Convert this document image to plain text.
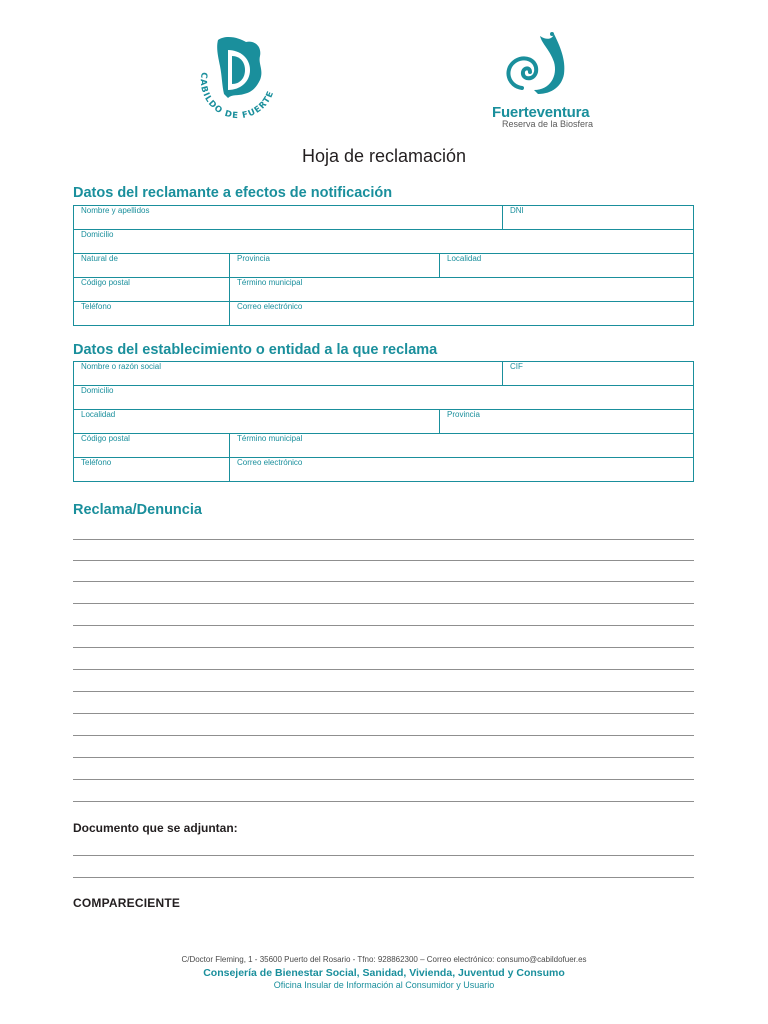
CABILDO DE FUERTE
Fuerteventura
Reserva de la Biosfera
Hoja de reclamación
Datos del reclamante a efectos de notificación
Nombre y apellidos	DNI
Domicilio
Natural de	Provincia	Localidad
Código postal	Término municipal
Teléfono	Correo electrónico
Datos del establecimiento o entidad a la que reclama
Nombre o razón social	CIF
Domicilio
Localidad	Provincia
Código postal	Término municipal
Teléfono	Correo electrónico
Reclama/Denuncia
Documento que se adjuntan:
COMPARECIENTE
C/Doctor Fleming, 1 - 35600 Puerto del Rosario - Tfno: 928862300 – Correo electrónico: consumo@cabildofuer.es
Consejería de Bienestar Social, Sanidad, Vivienda, Juventud y Consumo
Oficina Insular de Información al Consumidor y Usuario
